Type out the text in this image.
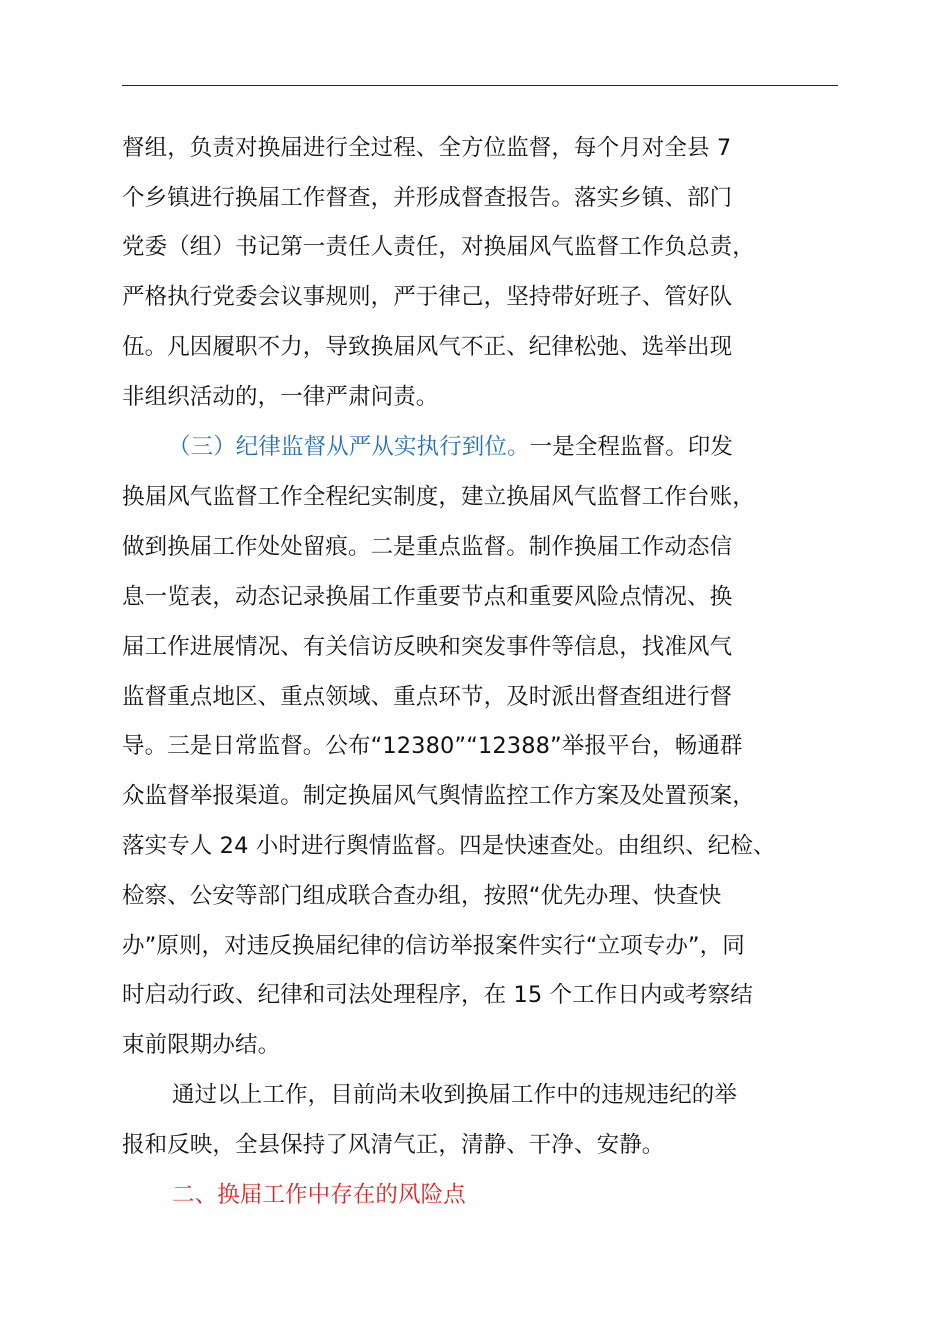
督组，负责对换届进行全过程、全方位监督，每个月对全县 7
个乡镇进行换届工作督查，并形成督查报告。落实乡镇、部门
党委（组）书记第一责任人责任，对换届风气监督工作负总责，
严格执行党委会议事规则，严于律己，坚持带好班子、管好队
伍。凡因履职不力，导致换届风气不正、纪律松弛、选举出现
非组织活动的，一律严肃问责。
（三）纪律监督从严从实执行到位。一是全程监督。印发
换届风气监督工作全程纪实制度，建立换届风气监督工作台账，
做到换届工作处处留痕。二是重点监督。制作换届工作动态信
息一览表，动态记录换届工作重要节点和重要风险点情况、换
届工作进展情况、有关信访反映和突发事件等信息，找准风气
监督重点地区、重点领域、重点环节，及时派出督查组进行督
导。三是日常监督。公布“12380”“12388”举报平台，畅通群
众监督举报渠道。制定换届风气舆情监控工作方案及处置预案，
落实专人 24 小时进行舆情监督。四是快速查处。由组织、纪检、
检察、公安等部门组成联合查办组，按照“优先办理、快查快
办”原则，对违反换届纪律的信访举报案件实行“立项专办”，同
时启动行政、纪律和司法处理程序，在 15 个工作日内或考察结
束前限期办结。
通过以上工作，目前尚未收到换届工作中的违规违纪的举
报和反映，全县保持了风清气正，清静、干净、安静。
二、换届工作中存在的风险点
